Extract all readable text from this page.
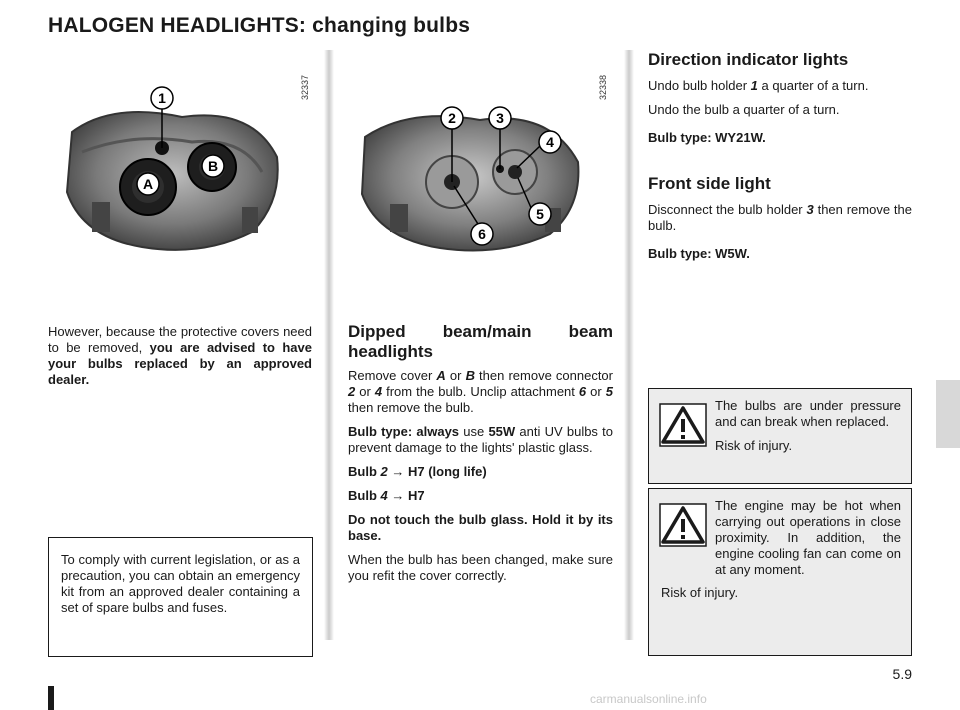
HALOGEN HEADLIGHTS: changing bulbs
1
A
B
32337
However, because the protective covers need to be removed, you are advised to have your bulbs replaced by an approved dealer.
To comply with current legislation, or as a precaution, you can obtain an emergency kit from an approved dealer containing a set of spare bulbs and fuses.
2	3
4
5
6
32338
Dipped beam/main beam headlights

Remove cover A or B then remove connector 2 or 4 from the bulb. Unclip attachment 6 or 5 then remove the bulb.

Bulb type: always use 55W anti UV bulbs to prevent damage to the lights' plastic glass.

Bulb 2 → H7 (long life)

Bulb 4 → H7

Do not touch the bulb glass. Hold it by its base.

When the bulb has been changed, make sure you refit the cover correctly.

Direction indicator lights

Undo bulb holder 1 a quarter of a turn.

Undo the bulb a quarter of a turn.

Bulb type: WY21W.

Front side light

Disconnect the bulb holder 3 then remove the bulb.

Bulb type: W5W.

The bulbs are under pressure and can break when replaced.

Risk of injury.

The engine may be hot when carrying out operations in close proximity. In addition, the engine cooling fan can come on at any moment.

Risk of injury.

5.9
carmanualsonline.info
